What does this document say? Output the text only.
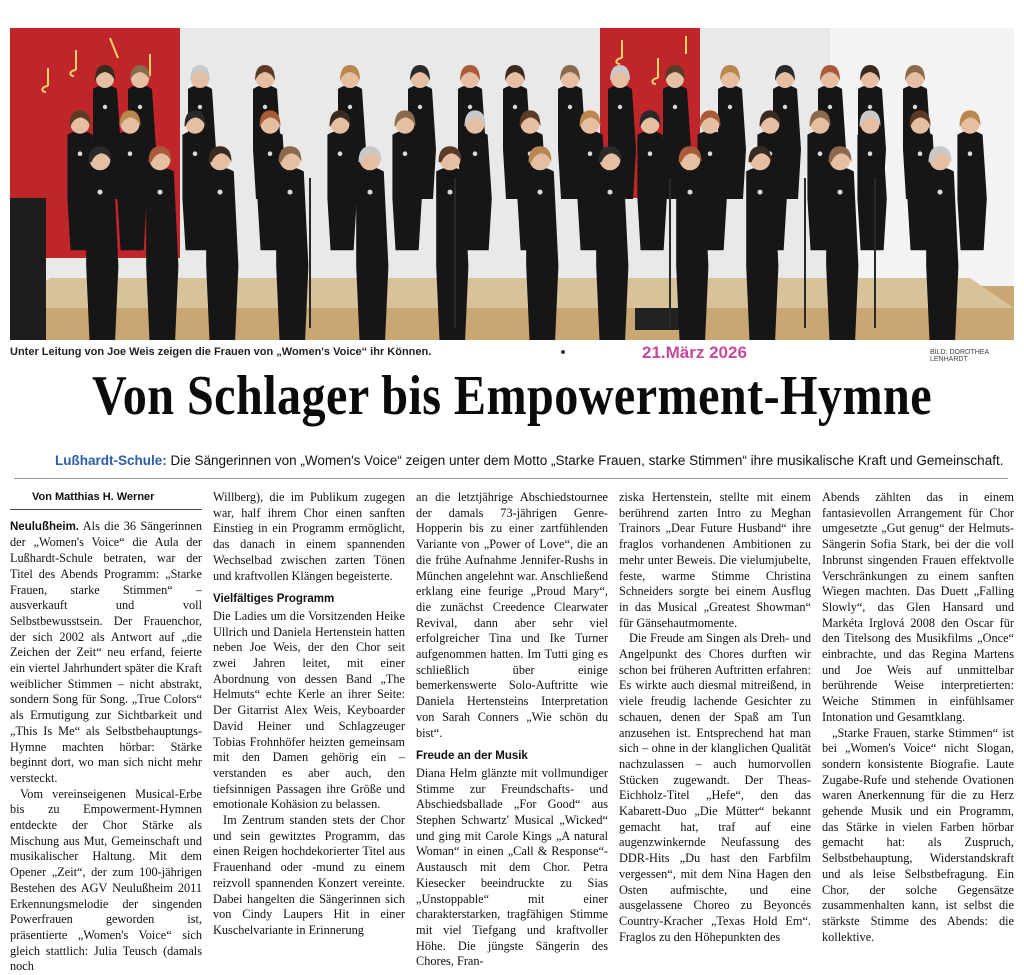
Unter Leitung von Joe Weis zeigen die Frauen von „Women's Voice“ ihr Können.	21.März 2026	BILD: DOROTHEA LENHARDT
Von Schlager bis Empowerment-Hymne
Lußhardt-Schule: Die Sängerinnen von „Women's Voice“ zeigen unter dem Motto „Starke Frauen, starke Stimmen“ ihre musikalische Kraft und Gemeinschaft.
Von Matthias H. Werner

Neulußheim. Als die 36 Sängerinnen der „Women's Voice“ die Aula der Lußhardt-Schule betraten, war der Titel des Abends Programm: „Starke Frauen, starke Stimmen“ – ausverkauft und voll Selbstbewusstsein. Der Frauenchor, der sich 2002 als Antwort auf „die Zeichen der Zeit“ neu erfand, feierte ein viertel Jahrhundert später die Kraft weiblicher Stimmen – nicht abstrakt, sondern Song für Song. „True Colors“ als Ermutigung zur Sichtbarkeit und „This Is Me“ als Selbstbehauptungs-Hymne machten hörbar: Stärke beginnt dort, wo man sich nicht mehr versteckt.

Vom vereinseigenen Musical-Erbe bis zu Empowerment-Hymnen entdeckte der Chor Stärke als Mischung aus Mut, Gemeinschaft und musikalischer Haltung. Mit dem Opener „Zeit“, der zum 100-jährigen Bestehen des AGV Neulußheim 2011 Erkennungsmelodie der singenden Powerfrauen geworden ist, präsentierte „Women's Voice“ sich gleich stattlich: Julia Teusch (damals noch

Willberg), die im Publikum zugegen war, half ihrem Chor einen sanften Einstieg in ein Programm ermöglicht, das danach in einem spannenden Wechselbad zwischen zarten Tönen und kraftvollen Klängen begeisterte.

Vielfältiges Programm

Die Ladies um die Vorsitzenden Heike Ullrich und Daniela Hertenstein hatten neben Joe Weis, der den Chor seit zwei Jahren leitet, mit einer Abordnung von dessen Band „The Helmuts“ echte Kerle an ihrer Seite: Der Gitarrist Alex Weis, Keyboarder David Heiner und Schlagzeuger Tobias Frohnhöfer heizten gemeinsam mit den Damen gehörig ein – verstanden es aber auch, den tiefsinnigen Passagen ihre Größe und emotionale Kohäsion zu belassen.

Im Zentrum standen stets der Chor und sein gewitztes Programm, das einen Reigen hochdekorierter Titel aus Frauenhand oder -mund zu einem reizvoll spannenden Konzert vereinte. Dabei hangelten die Sängerinnen sich von Cindy Laupers Hit in einer Kuschelvariante in Erinnerung

an die letztjährige Abschiedstournee der damals 73-jährigen Genre-Hopperin bis zu einer zartfühlenden Variante von „Power of Love“, die an die frühe Aufnahme Jennifer-Rushs in München angelehnt war. Anschließend erklang eine feurige „Proud Mary“, die zunächst Creedence Clearwater Revival, dann aber sehr viel erfolgreicher Tina und Ike Turner aufgenommen hatten. Im Tutti ging es schließlich über einige bemerkenswerte Solo-Auftritte wie Daniela Hertensteins Interpretation von Sarah Conners „Wie schön du bist“.

Freude an der Musik

Diana Helm glänzte mit vollmundiger Stimme zur Freundschafts- und Abschiedsballade „For Good“ aus Stephen Schwartz' Musical „Wicked“ und ging mit Carole Kings „A natural Woman“ in einen „Call & Response“-Austausch mit dem Chor. Petra Kiesecker beeindruckte zu Sias „Unstoppable“ mit einer charakterstarken, tragfähigen Stimme mit viel Tiefgang und kraftvoller Höhe. Die jüngste Sängerin des Chores, Fran-

ziska Hertenstein, stellte mit einem berührend zarten Intro zu Meghan Trainors „Dear Future Husband“ ihre fraglos vorhandenen Ambitionen zu mehr unter Beweis. Die vielumjubelte, feste, warme Stimme Christina Schneiders sorgte bei einem Ausflug in das Musical „Greatest Showman“ für Gänsehautmomente.

Die Freude am Singen als Dreh- und Angelpunkt des Chores durften wir schon bei früheren Auftritten erfahren: Es wirkte auch diesmal mitreißend, in viele freudig lachende Gesichter zu schauen, denen der Spaß am Tun anzusehen ist. Entsprechend hat man sich – ohne in der klanglichen Qualität nachzulassen – auch humorvollen Stücken zugewandt. Der Theas-Eichholz-Titel „Hefe“, den das Kabarett-Duo „Die Mütter“ bekannt gemacht hat, traf auf eine augenzwinkernde Neufassung des DDR-Hits „Du hast den Farbfilm vergessen“, mit dem Nina Hagen den Osten aufmischte, und eine ausgelassene Choreo zu Beyoncés Country-Kracher „Texas Hold Em“. Fraglos zu den Höhepunkten des

Abends zählten das in einem fantasievollen Arrangement für Chor umgesetzte „Gut genug“ der Helmuts-Sängerin Sofia Stark, bei der die voll Inbrunst singenden Frauen effektvolle Verschränkungen zu einem sanften Wiegen machten. Das Duett „Falling Slowly“, das Glen Hansard und Markéta Irglová 2008 den Oscar für den Titelsong des Musikfilms „Once“ einbrachte, und das Regina Martens und Joe Weis auf unmittelbar berührende Weise interpretierten: Weiche Stimmen in einfühlsamer Intonation und Gesamtklang.

„Starke Frauen, starke Stimmen“ ist bei „Women's Voice“ nicht Slogan, sondern konsistente Biografie. Laute Zugabe-Rufe und stehende Ovationen waren Anerkennung für die zu Herz gehende Musik und ein Programm, das Stärke in vielen Farben hörbar gemacht hat: als Zuspruch, Selbstbehauptung, Widerstandskraft und als leise Selbstbefragung. Ein Chor, der solche Gegensätze zusammenhalten kann, ist selbst die stärkste Stimme des Abends: die kollektive.
